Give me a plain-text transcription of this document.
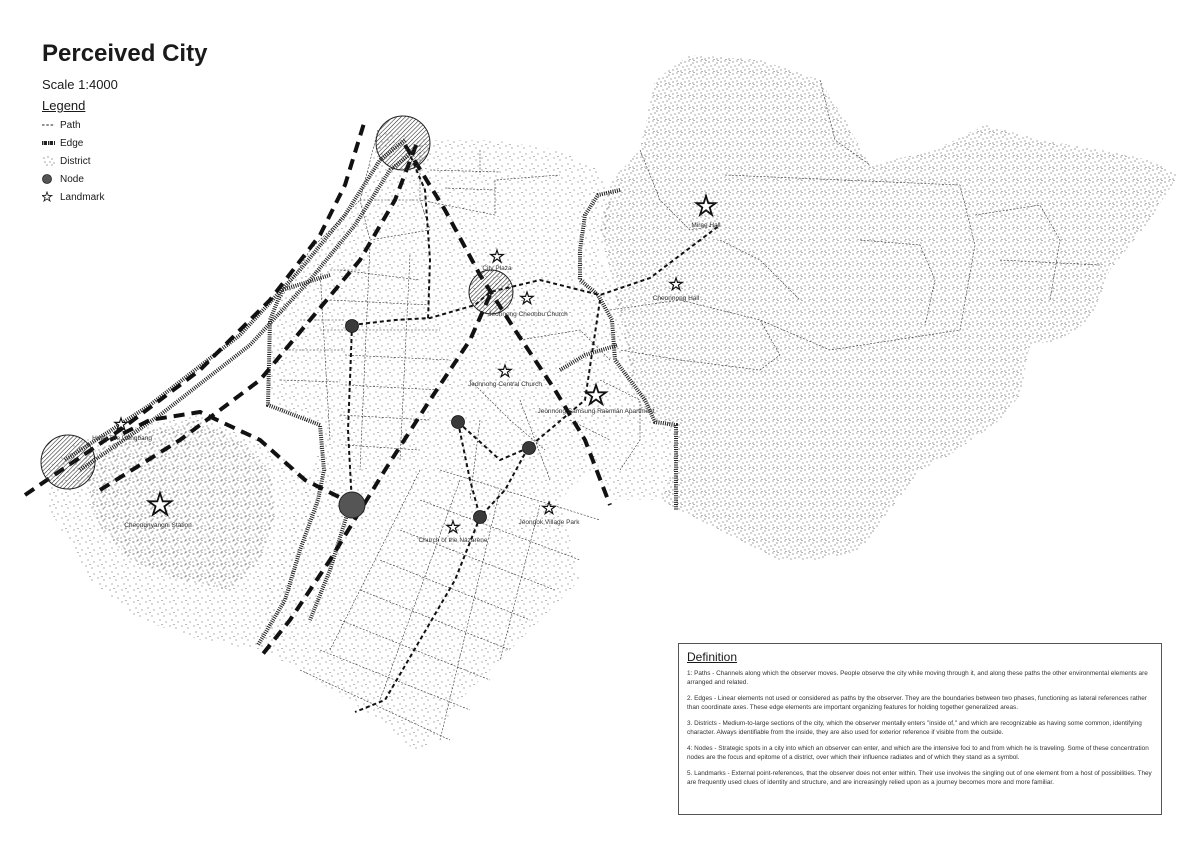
Mirae Hall
City Plaza
Cheonnong Hall
Jeonnong Cheonbu Church
Jeonnong Central Church
Jeonnong Samsung Raemian Apartment
Hotel The Dongbang
Cheongnyangni Station	Jeongok Village Park
Church of the Nazarene
Perceived City
Scale 1:4000
Legend
Path
Edge
District
Node
Landmark
Definition
1: Paths - Channels along which the observer moves. People observe the city while moving through it, and along these paths the other environmental elements are arranged and related.
2. Edges - Linear elements not used or considered as paths by the observer. They are the boundaries between two phases, functioning as lateral references rather than coordinate axes. These edge elements are important organizing features for holding together generalized areas.
3. Districts - Medium-to-large sections of the city, which the observer mentally enters "inside of," and which are recognizable as having some common, identifying character. Always identifiable from the inside, they are also used for exterior reference if visible from the outside.
4: Nodes - Strategic spots in a city into which an observer can enter, and which are the intensive foci to and from which he is traveling. Some of these concentration nodes are the focus and epitome of a district, over which their influence radiates and of which they stand as a symbol.
5. Landmarks - External point-references, that the observer does not enter within. Their use involves the singling out of one element from a host of possibilities. They are frequently used clues of identity and structure, and are increasingly relied upon as a journey becomes more and more familiar.
